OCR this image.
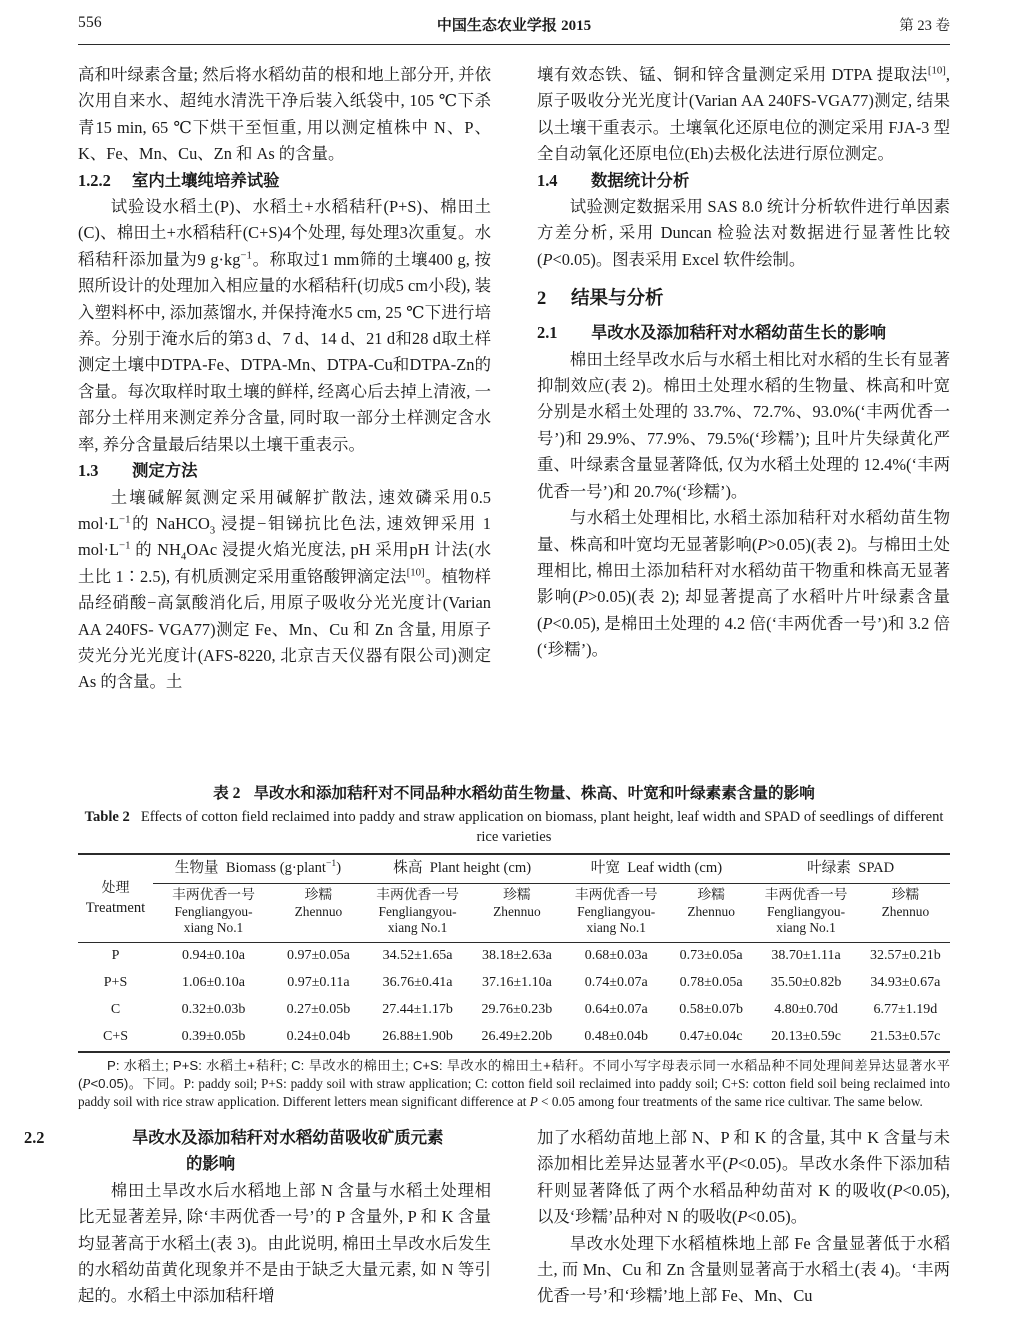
556	中国生态农业学报 2015	第 23 卷

高和叶绿素含量; 然后将水稻幼苗的根和地上部分开, 并依次用自来水、超纯水清洗干净后装入纸袋中, 105 ℃下杀青15 min, 65 ℃下烘干至恒重, 用以测定植株中 N、P、K、Fe、Mn、Cu、Zn 和 As 的含量。

1.2.2 室内土壤纯培养试验

试验设水稻土(P)、水稻土+水稻秸秆(P+S)、棉田土(C)、棉田土+水稻秸秆(C+S)4个处理, 每处理3次重复。水稻秸秆添加量为9 $g\cdot kg^{-1}$。称取过1 mm筛的土壤400 g, 按照所设计的处理加入相应量的水稻秸秆(切成5 cm小段), 装入塑料杯中, 添加蒸馏水, 并保持淹水5 cm, 25 ℃下进行培养。分别于淹水后的第3 d、7 d、14 d、21 d和28 d取土样测定土壤中DTPA-Fe、DTPA-Mn、DTPA-Cu和DTPA-Zn的含量。每次取样时取土壤的鲜样, 经离心后去掉上清液, 一部分土样用来测定养分含量, 同时取一部分土样测定含水率, 养分含量最后结果以土壤干重表示。

1.3 测定方法

土壤碱解氮测定采用碱解扩散法, 速效磷采用0.5 $mol\cdot L^{-1}$的 NaHCO$_3$ 浸提−钼锑抗比色法, 速效钾采用 1 $mol\cdot L^{-1}$ 的 $NH_4OAc$ 浸提火焰光度法, pH 采用pH 计法(水土比 1∶2.5), 有机质测定采用重铬酸钾滴定法[10]。植物样品经硝酸−高氯酸消化后, 用原子吸收分光光度计(Varian AA 240FS- VGA77)测定 Fe、Mn、Cu 和 Zn 含量, 用原子荧光分光光度计(AFS-8220, 北京吉天仪器有限公司)测定 As 的含量。土

壤有效态铁、锰、铜和锌含量测定采用 DTPA 提取法[10], 原子吸收分光光度计(Varian AA 240FS-VGA77)测定, 结果以土壤干重表示。土壤氧化还原电位的测定采用 FJA-3 型全自动氧化还原电位(Eh)去极化法进行原位测定。

1.4 数据统计分析

试验测定数据采用 SAS 8.0 统计分析软件进行单因素方差分析, 采用 Duncan 检验法对数据进行显著性比较(P<0.05)。图表采用 Excel 软件绘制。

2 结果与分析
2.1 旱改水及添加秸秆对水稻幼苗生长的影响

棉田土经旱改水后与水稻土相比对水稻的生长有显著抑制效应(表 2)。棉田土处理水稻的生物量、株高和叶宽分别是水稻土处理的 33.7%、72.7%、93.0%(‘丰两优香一号’)和 29.9%、77.9%、79.5%(‘珍糯’); 且叶片失绿黄化严重、叶绿素含量显著降低, 仅为水稻土处理的 12.4%(‘丰两优香一号’)和 20.7%(‘珍糯’)。

与水稻土处理相比, 水稻土添加秸秆对水稻幼苗生物量、株高和叶宽均无显著影响(P>0.05)(表 2)。与棉田土处理相比, 棉田土添加秸秆对水稻幼苗干物重和株高无显著影响(P>0.05)(表 2); 却显著提高了水稻叶片叶绿素含量(P<0.05), 是棉田土处理的 4.2 倍(‘丰两优香一号’)和 3.2 倍(‘珍糯’)。

表 2 旱改水和添加秸秆对不同品种水稻幼苗生物量、株高、叶宽和叶绿素素含量的影响
Table 2 Effects of cotton field reclaimed into paddy and straw application on biomass, plant height, leaf width and SPAD of seedlings of different rice varieties
处理
Treatment	生物量 Biomass (g·plant$^{-1}$)		株高 Plant height (cm)		叶宽 Leaf width (cm)		叶绿素 SPAD	
	丰两优香一号
Fengliangyou-
xiang No.1	珍糯
Zhennuo	丰两优香一号
Fengliangyou-
xiang No.1	珍糯
Zhennuo	丰两优香一号
Fengliangyou-
xiang No.1	珍糯
Zhennuo	丰两优香一号
Fengliangyou-
xiang No.1	珍糯
Zhennuo
P	0.94±0.10a	0.97±0.05a	34.52±1.65a	38.18±2.63a	0.68±0.03a	0.73±0.05a	38.70±1.11a	32.57±0.21b
P+S	1.06±0.10a	0.97±0.11a	36.76±0.41a	37.16±1.10a	0.74±0.07a	0.78±0.05a	35.50±0.82b	34.93±0.67a
C	0.32±0.03b	0.27±0.05b	27.44±1.17b	29.76±0.23b	0.64±0.07a	0.58±0.07b	4.80±0.70d	6.77±1.19d
C+S	0.39±0.05b	0.24±0.04b	26.88±1.90b	26.49±2.20b	0.48±0.04b	0.47±0.04c	20.13±0.59c	21.53±0.57c

P: 水稻土; P+S: 水稻土+秸秆; C: 旱改水的棉田土; C+S: 旱改水的棉田土+秸秆。不同小写字母表示同一水稻品种不同处理间差异达显著水平(P<0.05)。下同。P: paddy soil; P+S: paddy soil with straw application; C: cotton field soil reclaimed into paddy soil; C+S: cotton field soil being reclaimed into paddy soil with rice straw application. Different letters mean significant difference at P < 0.05 among four treatments of the same rice cultivar. The same below.

2.2	旱改水及添加秸秆对水稻幼苗吸收矿质元素
的影响

棉田土旱改水后水稻地上部 N 含量与水稻土处理相比无显著差异, 除‘丰两优香一号’的 P 含量外, P 和 K 含量均显著高于水稻土(表 3)。由此说明, 棉田土旱改水后发生的水稻幼苗黄化现象并不是由于缺乏大量元素, 如 N 等引起的。水稻土中添加秸秆增

加了水稻幼苗地上部 N、P 和 K 的含量, 其中 K 含量与未添加相比差异达显著水平(P<0.05)。旱改水条件下添加秸秆则显著降低了两个水稻品种幼苗对 K 的吸收(P<0.05), 以及‘珍糯’品种对 N 的吸收(P<0.05)。

旱改水处理下水稻植株地上部 Fe 含量显著低于水稻土, 而 Mn、Cu 和 Zn 含量则显著高于水稻土(表 4)。‘丰两优香一号’和‘珍糯’地上部 Fe、Mn、Cu
